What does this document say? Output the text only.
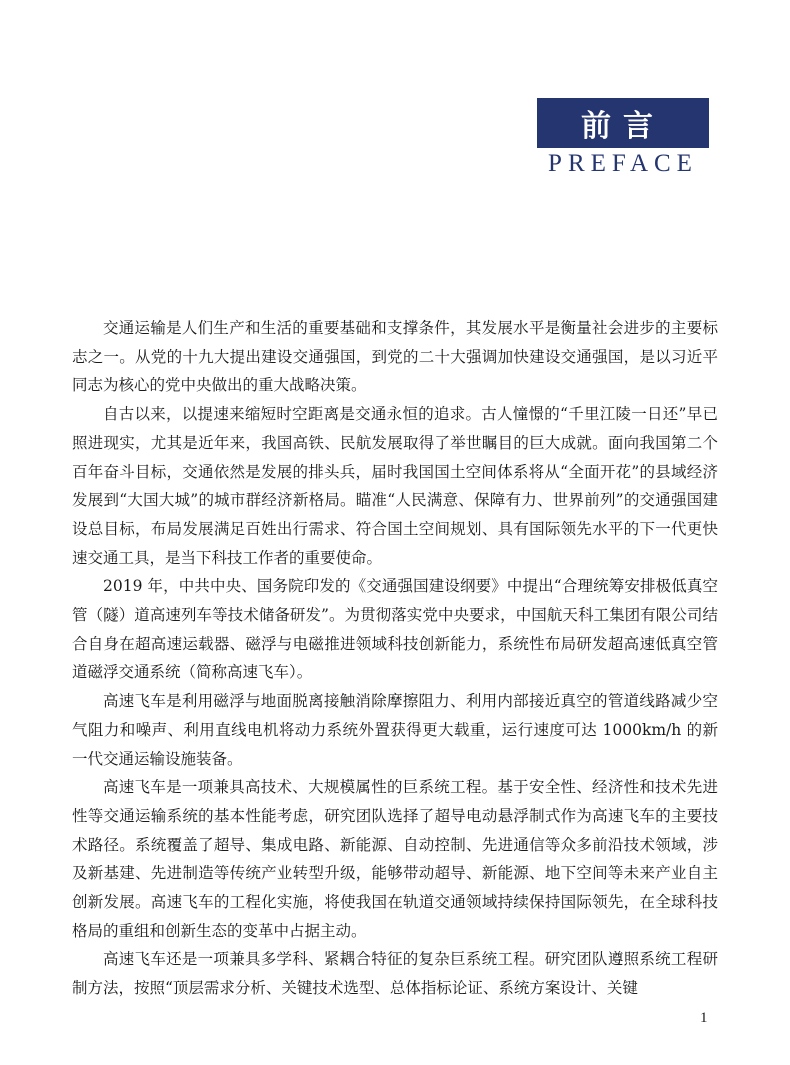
前言
PREFACE

交通运输是人们生产和生活的重要基础和支撑条件，其发展水平是衡量社会进步的主要标志之一。从党的十九大提出建设交通强国，到党的二十大强调加快建设交通强国，是以习近平同志为核心的党中央做出的重大战略决策。

自古以来，以提速来缩短时空距离是交通永恒的追求。古人憧憬的“千里江陵一日还”早已照进现实，尤其是近年来，我国高铁、民航发展取得了举世瞩目的巨大成就。面向我国第二个百年奋斗目标，交通依然是发展的排头兵，届时我国国土空间体系将从“全面开花”的县域经济发展到“大国大城”的城市群经济新格局。瞄准“人民满意、保障有力、世界前列”的交通强国建设总目标，布局发展满足百姓出行需求、符合国土空间规划、具有国际领先水平的下一代更快速交通工具，是当下科技工作者的重要使命。

2019 年，中共中央、国务院印发的《交通强国建设纲要》中提出“合理统筹安排极低真空管（隧）道高速列车等技术储备研发”。为贯彻落实党中央要求，中国航天科工集团有限公司结合自身在超高速运载器、磁浮与电磁推进领域科技创新能力，系统性布局研发超高速低真空管道磁浮交通系统（简称高速飞车）。

高速飞车是利用磁浮与地面脱离接触消除摩擦阻力、利用内部接近真空的管道线路减少空气阻力和噪声、利用直线电机将动力系统外置获得更大载重，运行速度可达 1000km/h 的新一代交通运输设施装备。

高速飞车是一项兼具高技术、大规模属性的巨系统工程。基于安全性、经济性和技术先进性等交通运输系统的基本性能考虑，研究团队选择了超导电动悬浮制式作为高速飞车的主要技术路径。系统覆盖了超导、集成电路、新能源、自动控制、先进通信等众多前沿技术领域，涉及新基建、先进制造等传统产业转型升级，能够带动超导、新能源、地下空间等未来产业自主创新发展。高速飞车的工程化实施，将使我国在轨道交通领域持续保持国际领先，在全球科技格局的重组和创新生态的变革中占据主动。

高速飞车还是一项兼具多学科、紧耦合特征的复杂巨系统工程。研究团队遵照系统工程研制方法，按照“顶层需求分析、关键技术选型、总体指标论证、系统方案设计、关键

1
